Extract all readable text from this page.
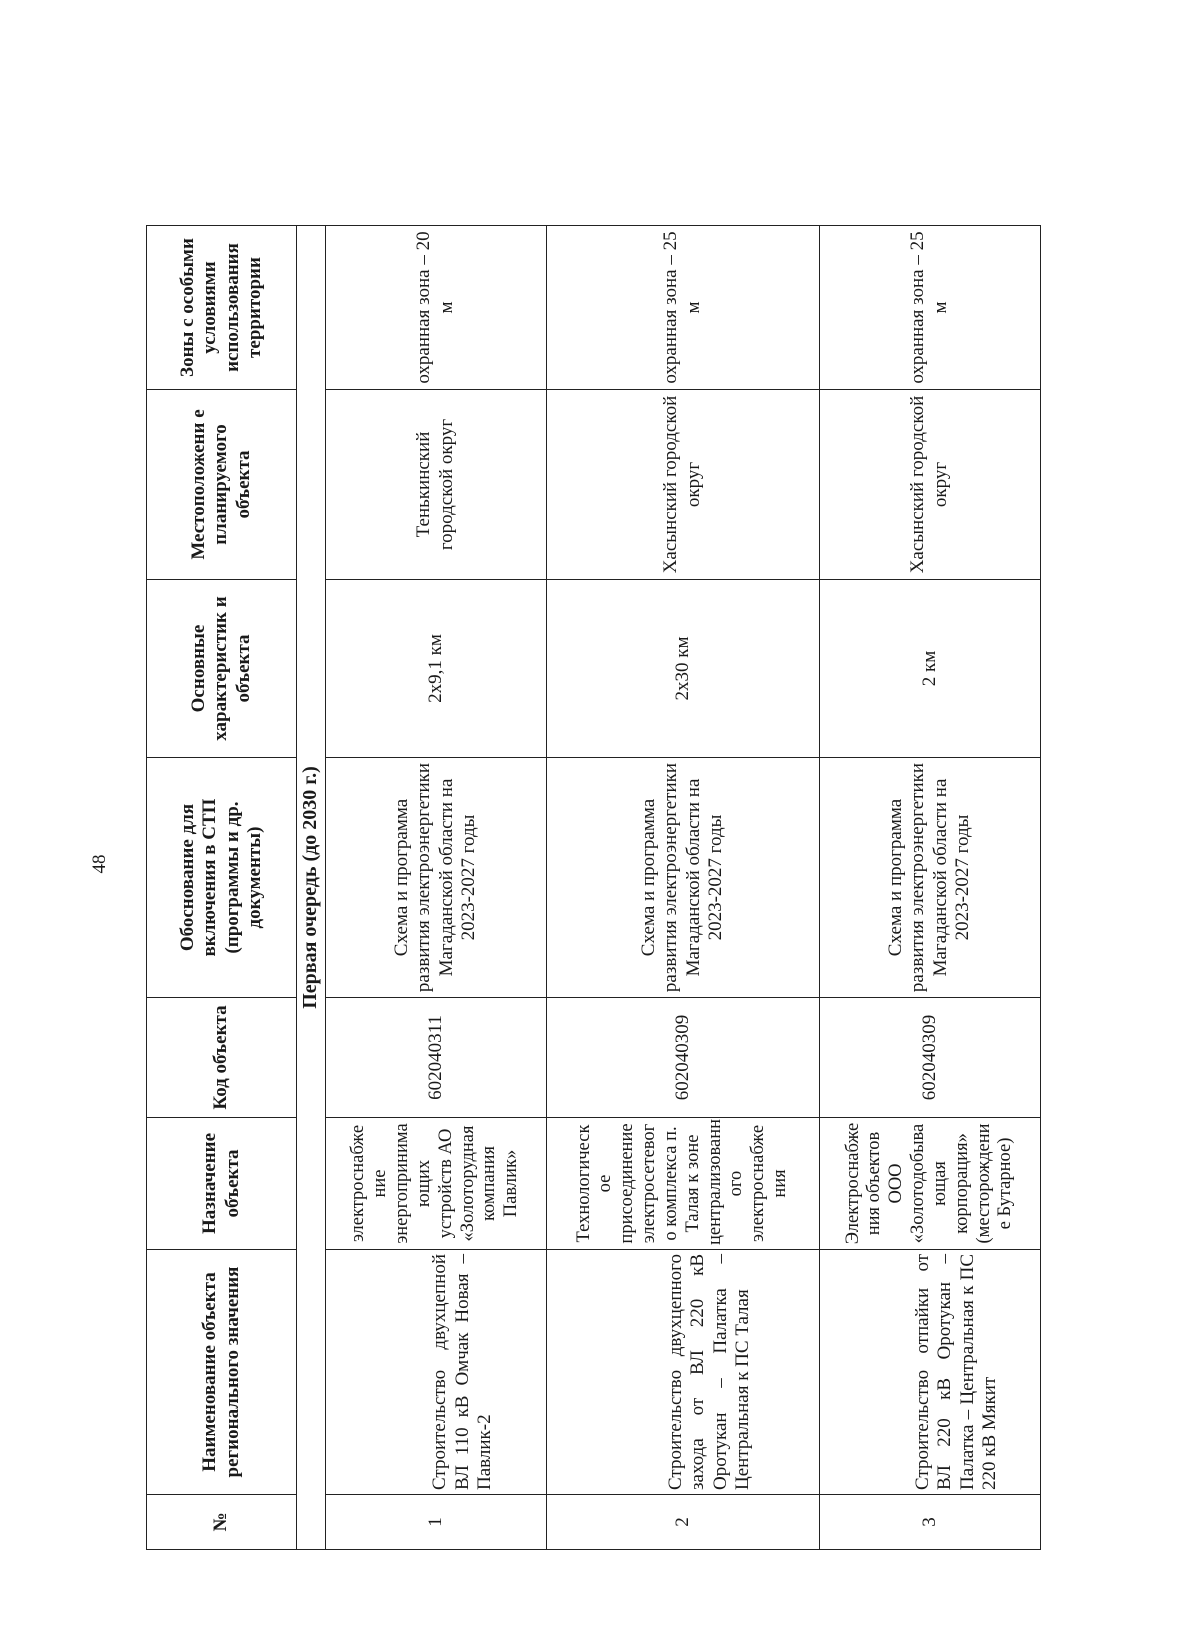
48
№	Наименование объекта регионального значения	Назначение объекта	Код объекта	Обоснование для включения в СТП (программы и др. документы)	Основные характеристик и объекта	Местоположени е планируемого объекта	Зоны с особыми условиями использования территории
Первая очередь (до 2030 г.)							
1	Строительство двухцепной ВЛ 110 кВ Омчак Новая – Павлик-2	электроснабже ние энергопринима ющих устройств АО «Золоторудная компания Павлик»	602040311	Схема и программа развития электроэнергетики Магаданской области на 2023-2027 годы	2х9,1 км	Тенькинский городской округ	охранная зона – 20 м
2	Строительство двухцепного захода от ВЛ 220 кВ Оротукан – Палатка – Центральная к ПС Талая	Технологическ ое присоединение электросетевог о комплекса п. Талая к зоне централизованн ого электроснабже ния	602040309	Схема и программа развития электроэнергетики Магаданской области на 2023-2027 годы	2х30 км	Хасынский городской округ	охранная зона – 25 м
3	Строительство отпайки от ВЛ 220 кВ Оротукан – Палатка – Центральная к ПС 220 кВ Мякит	Электроснабже ния объектов ООО «Золотодобыва ющая корпорация» (месторождени е Бутарное)	602040309	Схема и программа развития электроэнергетики Магаданской области на 2023-2027 годы	2 км	Хасынский городской округ	охранная зона – 25 м
